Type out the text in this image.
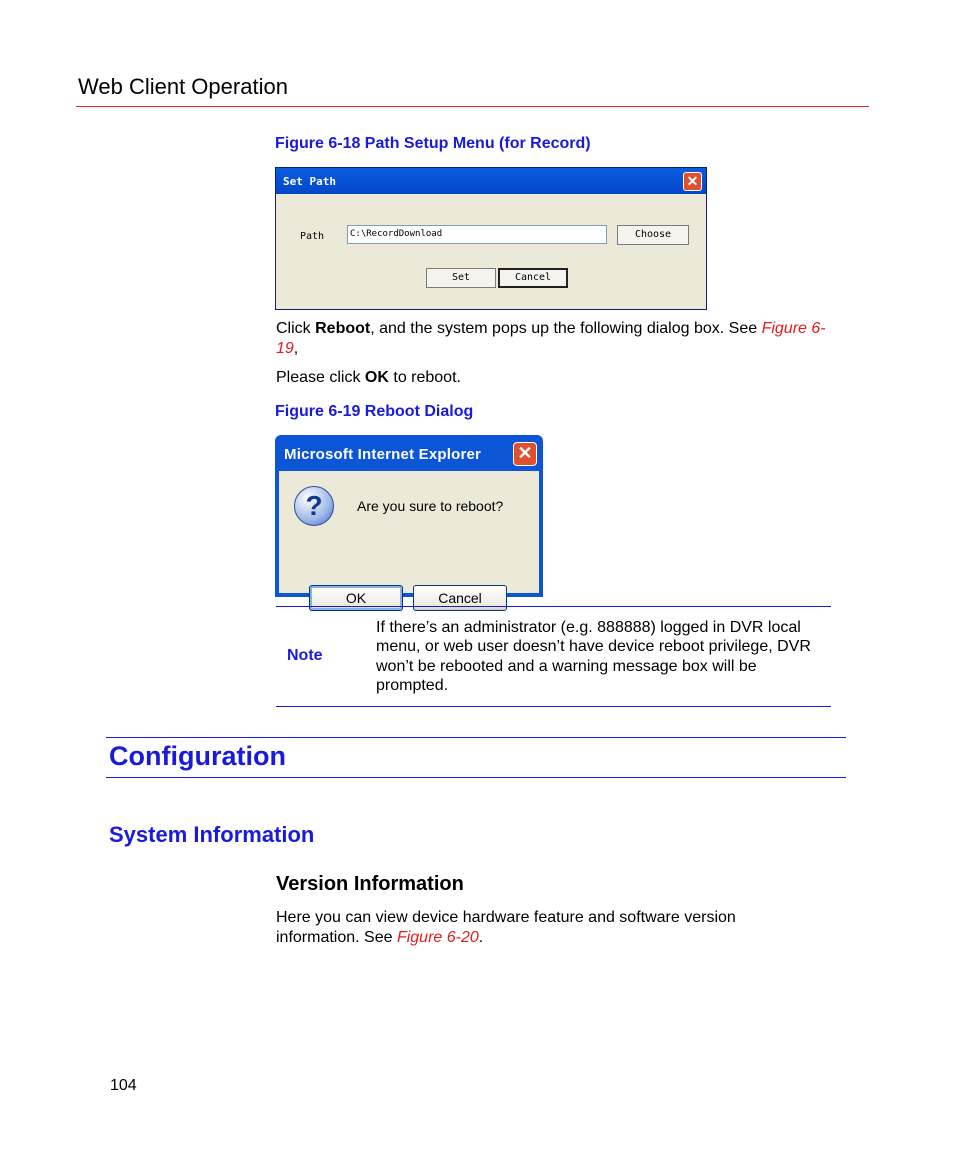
Web Client Operation
Figure 6-18 Path Setup Menu (for Record)
Set Path	✕
Path	C:\RecordDownload	Choose
Set	Cancel
Click Reboot, and the system pops up the following dialog box. See Figure 6-19,
Please click OK to reboot.
Figure 6-19 Reboot Dialog
Microsoft Internet Explorer ✕
?	Are you sure to reboot?
OK	Cancel
Note
If there’s an administrator (e.g. 888888) logged in DVR local menu, or web user doesn’t have device reboot privilege, DVR won’t be rebooted and a warning message box will be prompted.
Configuration
System Information
Version Information
Here you can view device hardware feature and software version information. See Figure 6-20.
104
